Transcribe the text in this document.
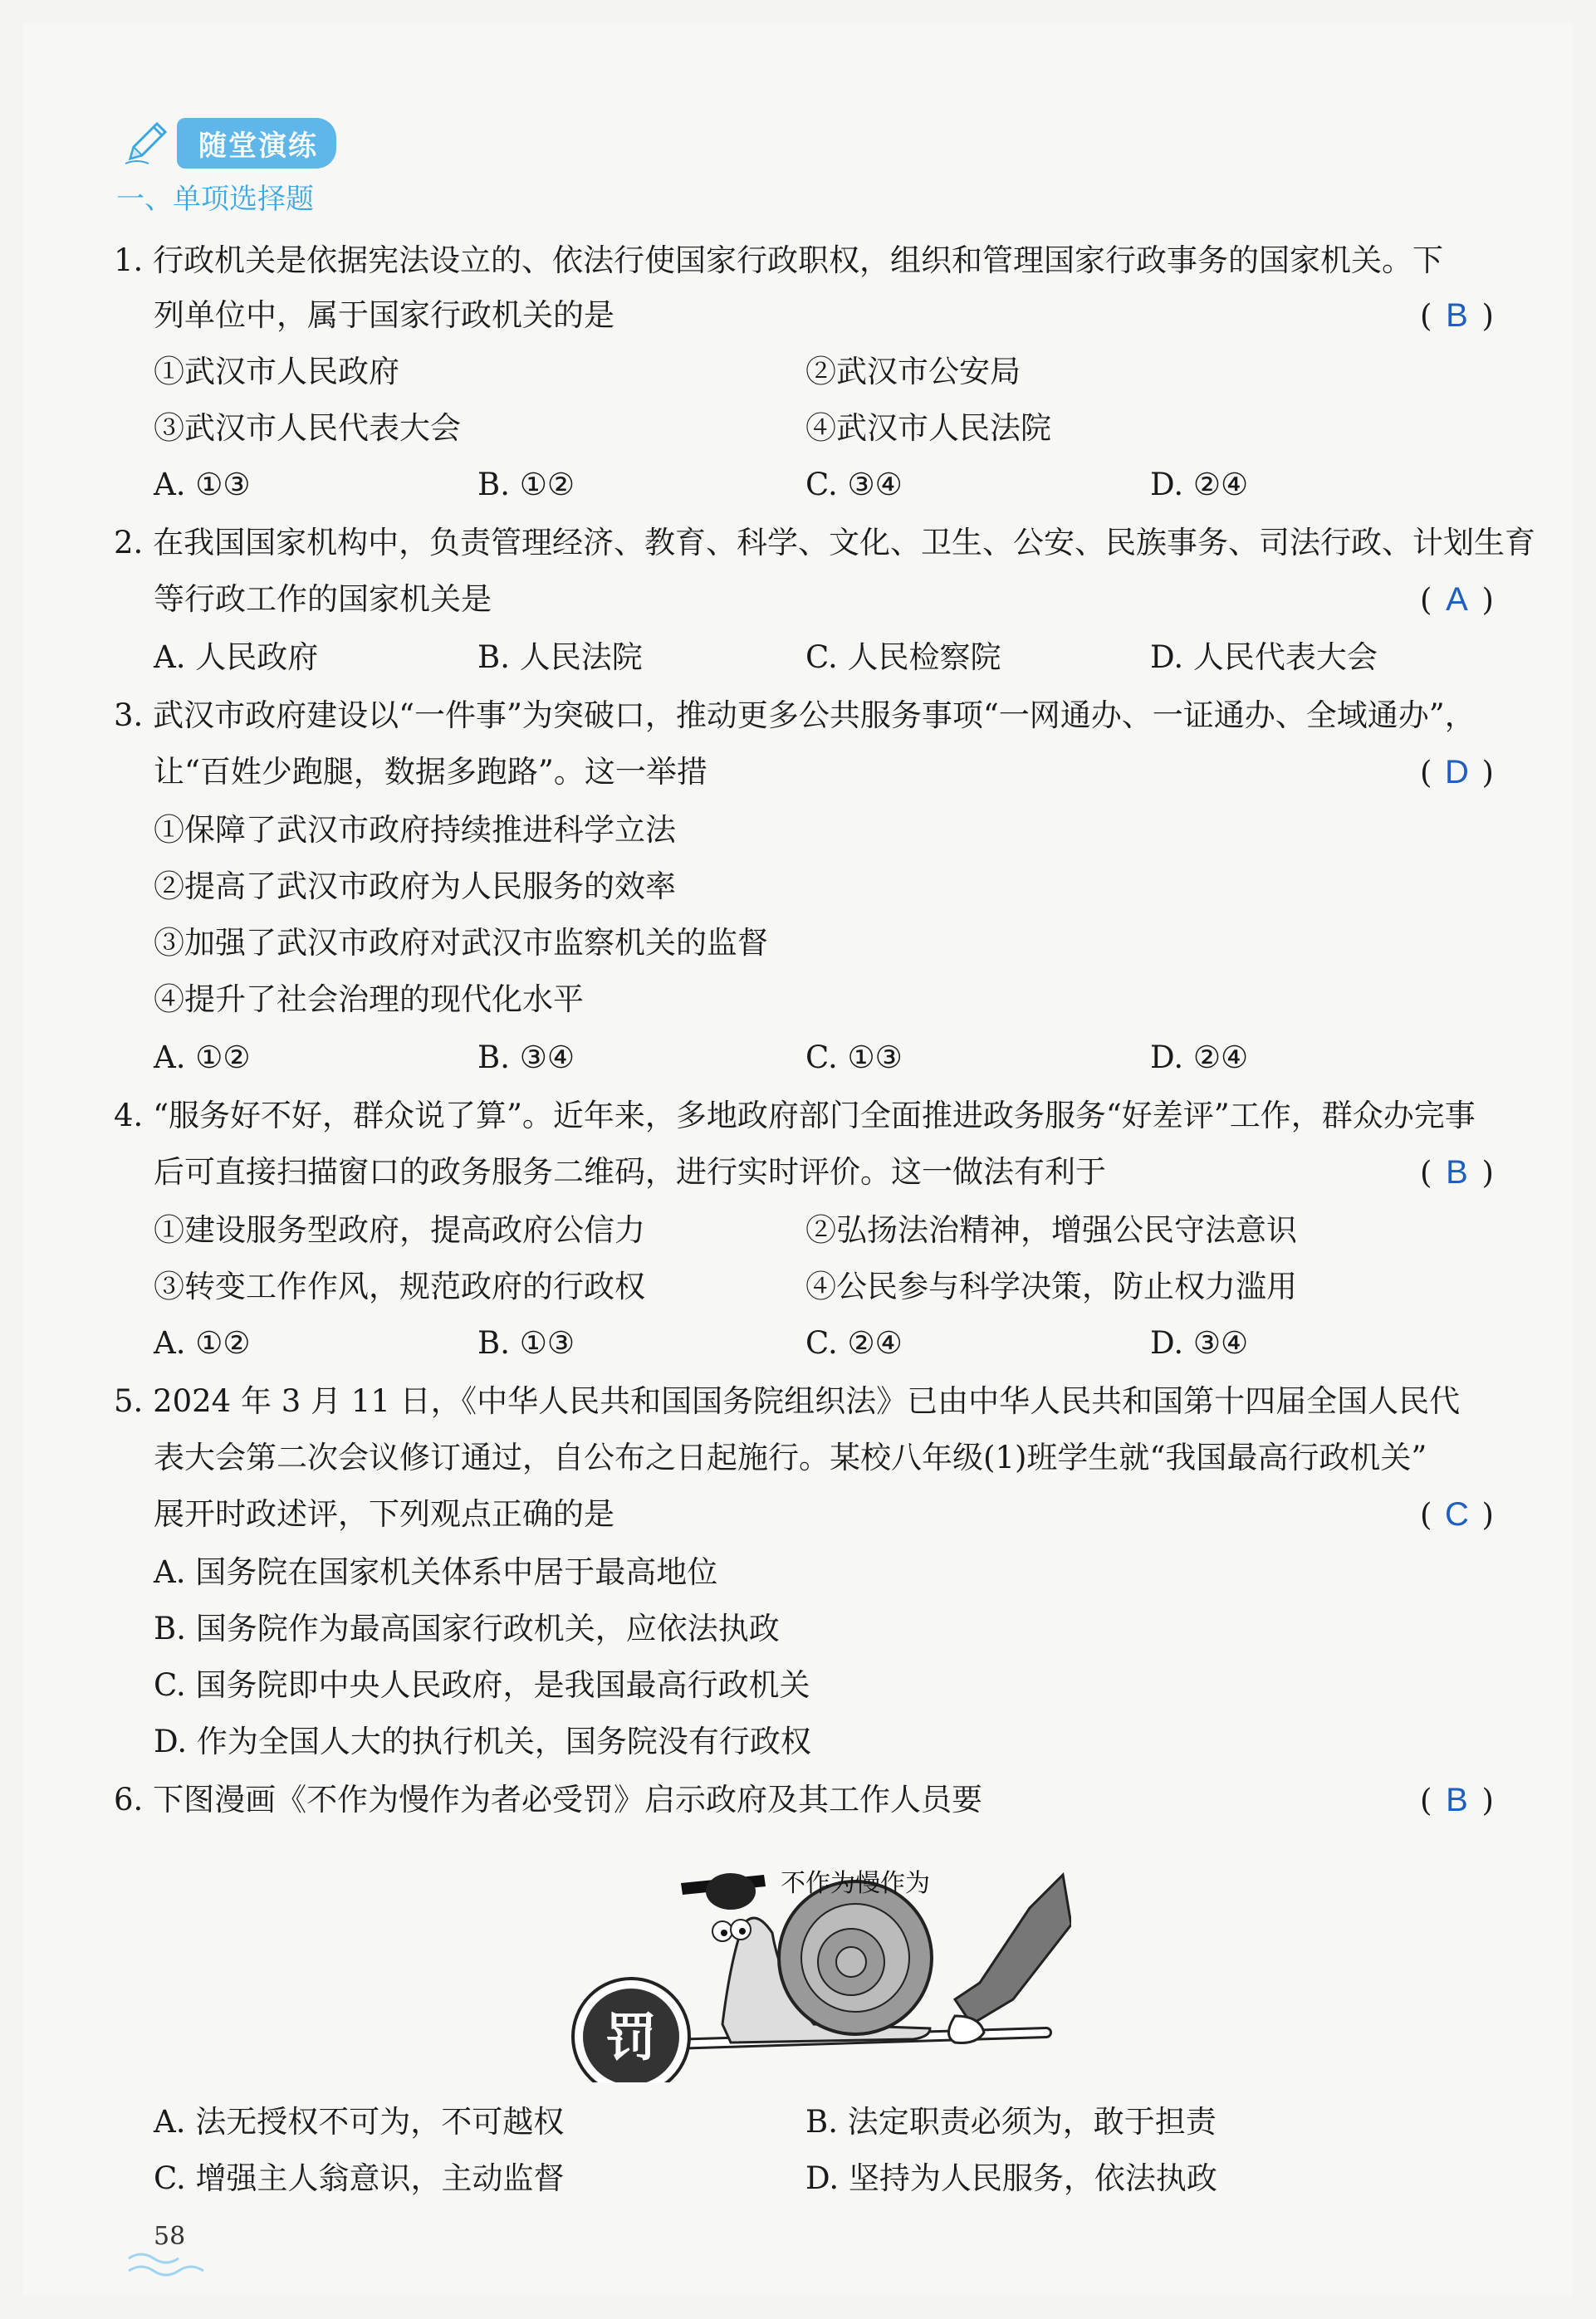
随堂演练
一、单项选择题
1. 行政机关是依据宪法设立的、依法行使国家行政职权，组织和管理国家行政事务的国家机关。下
列单位中，属于国家行政机关的是	( B )
①武汉市人民政府	②武汉市公安局
③武汉市人民代表大会	④武汉市人民法院
A. ①③	B. ①②	C. ③④	D. ②④
2. 在我国国家机构中，负责管理经济、教育、科学、文化、卫生、公安、民族事务、司法行政、计划生育
等行政工作的国家机关是	( A )
A. 人民政府	B. 人民法院	C. 人民检察院	D. 人民代表大会
3. 武汉市政府建设以“一件事”为突破口，推动更多公共服务事项“一网通办、一证通办、全域通办”，
让“百姓少跑腿，数据多跑路”。这一举措	( D )
①保障了武汉市政府持续推进科学立法
②提高了武汉市政府为人民服务的效率
③加强了武汉市政府对武汉市监察机关的监督
④提升了社会治理的现代化水平
A. ①②	B. ③④	C. ①③	D. ②④
4. “服务好不好，群众说了算”。近年来，多地政府部门全面推进政务服务“好差评”工作，群众办完事
后可直接扫描窗口的政务服务二维码，进行实时评价。这一做法有利于	( B )
①建设服务型政府，提高政府公信力	②弘扬法治精神，增强公民守法意识
③转变工作作风，规范政府的行政权	④公民参与科学决策，防止权力滥用
A. ①②	B. ①③	C. ②④	D. ③④
5. 2024 年 3 月 11 日，《中华人民共和国国务院组织法》已由中华人民共和国第十四届全国人民代
表大会第二次会议修订通过，自公布之日起施行。某校八年级(1)班学生就“我国最高行政机关”
展开时政述评，下列观点正确的是	( C )
A. 国务院在国家机关体系中居于最高地位
B. 国务院作为最高国家行政机关，应依法执政
C. 国务院即中央人民政府，是我国最高行政机关
D. 作为全国人大的执行机关，国务院没有行政权
6. 下图漫画《不作为慢作为者必受罚》启示政府及其工作人员要	( B )
罚
不作为慢作为
A. 法无授权不可为，不可越权	B. 法定职责必须为，敢于担责
C. 增强主人翁意识，主动监督	D. 坚持为人民服务，依法执政
58
